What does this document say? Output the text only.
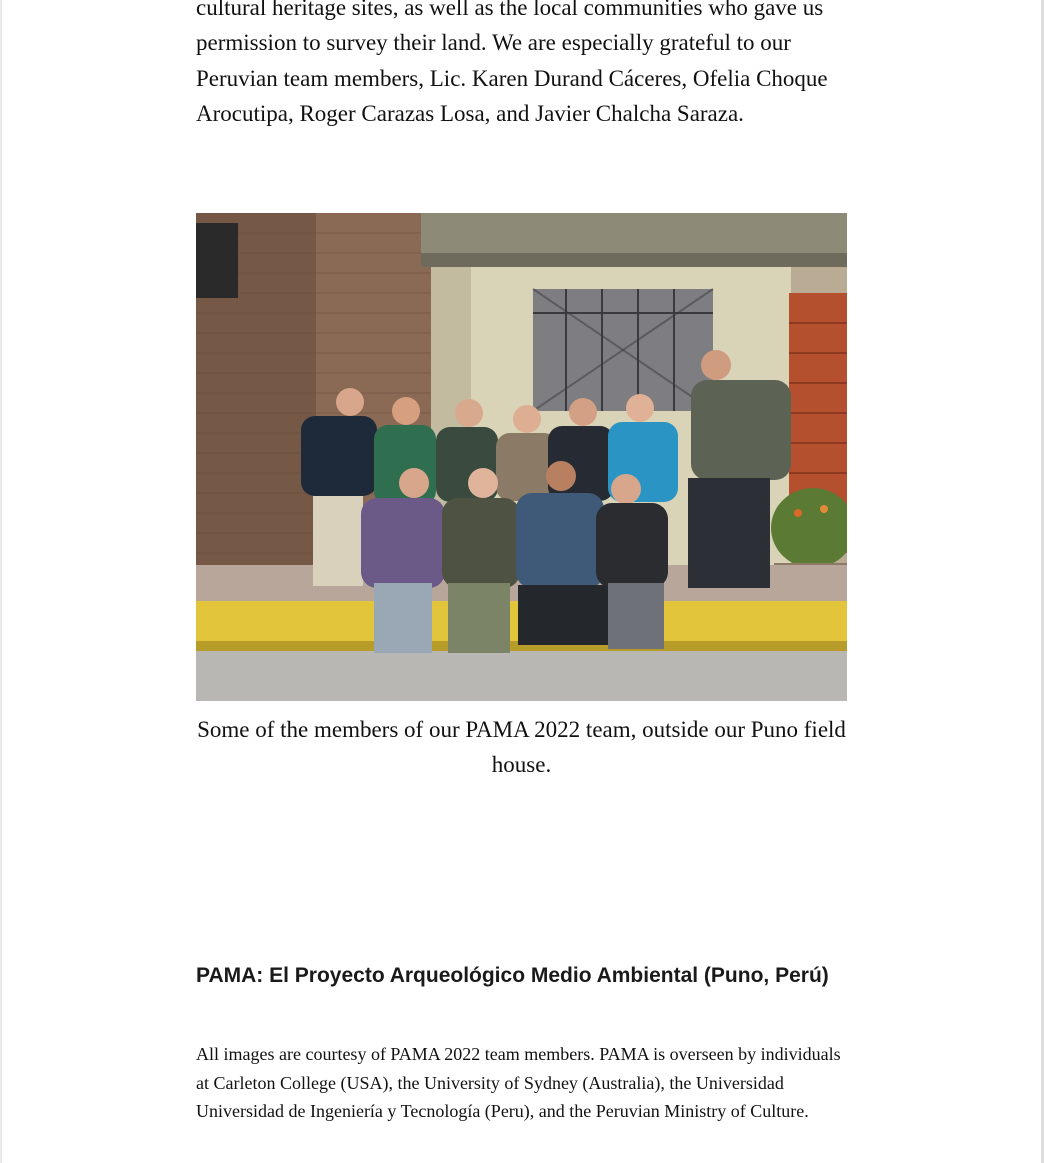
cultural heritage sites, as well as the local communities who gave us permission to survey their land. We are especially grateful to our Peruvian team members, Lic. Karen Durand Cáceres, Ofelia Choque Arocutipa, Roger Carazas Losa, and Javier Chalcha Saraza.

Some of the members of our PAMA 2022 team, outside our Puno field house.

PAMA: El Proyecto Arqueológico Medio Ambiental (Puno, Perú)

All images are courtesy of PAMA 2022 team members. PAMA is overseen by individuals at Carleton College (USA), the University of Sydney (Australia), the Universidad Universidad de Ingeniería y Tecnología (Peru), and the Peruvian Ministry of Culture.
